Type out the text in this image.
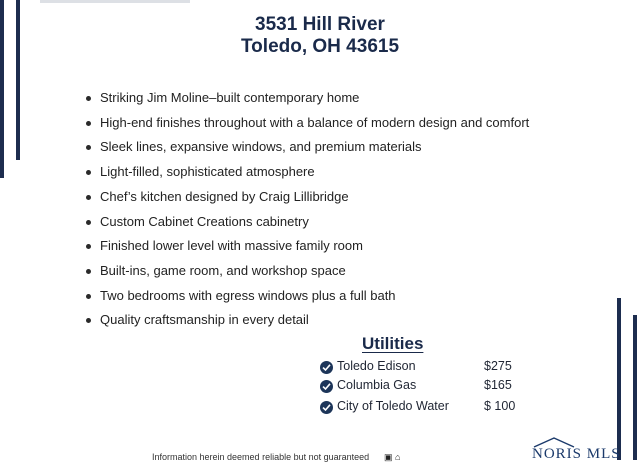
3531 Hill River
Toledo, OH 43615
Striking Jim Moline–built contemporary home
High-end finishes throughout with a balance of modern design and comfort
Sleek lines, expansive windows, and premium materials
Light-filled, sophisticated atmosphere
Chef’s kitchen designed by Craig Lillibridge
Custom Cabinet Creations cabinetry
Finished lower level with massive family room
Built-ins, game room, and workshop space
Two bedrooms with egress windows plus a full bath
Quality craftsmanship in every detail
Utilities
Toledo Edison	$275
Columbia Gas	$165
City of Toledo Water	$ 100
Information herein deemed reliable but not guaranteed ▣ ⌂	NORIS MLS
